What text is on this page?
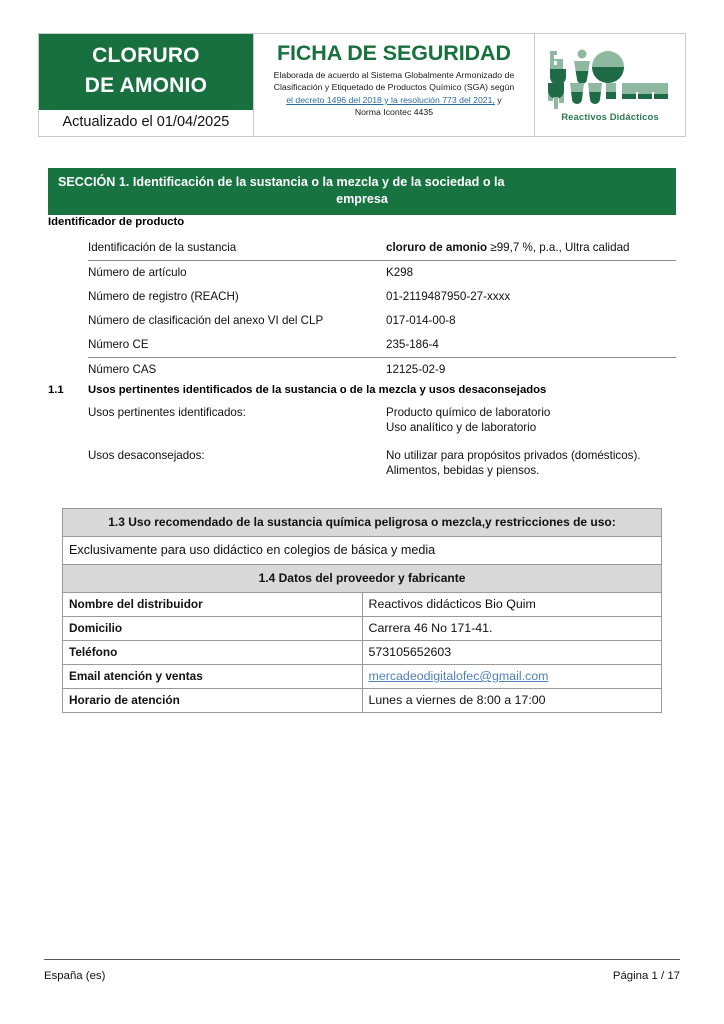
CLORURO
DE AMONIO
Actualizado el 01/04/2025
FICHA DE SEGURIDAD
Elaborada de acuerdo al Sistema Globalmente Armonizado de
Clasificación y Etiquetado de Productos Químico (SGA) según
el decreto 1496 del 2018 y la resolución 773 del 2021, y
Norma Icontec 4435	Reactivos Didácticos
SECCIÓN 1. Identificación de la sustancia o la mezcla y de la sociedad o la
empresa
Identificador de producto
Identificación de la sustancia	cloruro de amonio ≥99,7 %, p.a., Ultra calidad
Número de artículo	K298
Número de registro (REACH)	01-2119487950-27-xxxx
Número de clasificación del anexo VI del CLP	017-014-00-8
Número CE	235-186-4
Número CAS	12125-02-9
1.1 Usos pertinentes identificados de la sustancia o de la mezcla y usos desaconsejados
Usos pertinentes identificados:	Producto químico de laboratorio
Uso analítico y de laboratorio
Usos desaconsejados:	No utilizar para propósitos privados (domésticos).
Alimentos, bebidas y piensos.
1.3 Uso recomendado de la sustancia química peligrosa o mezcla,y restricciones de uso:	
Exclusivamente para uso didáctico en colegios de básica y media	
1.4 Datos del proveedor y fabricante	
Nombre del distribuidor	Reactivos didácticos Bio Quim
Domicilio	Carrera 46 No 171-41.
Teléfono	573105652603
Email atención y ventas	mercadeodigitalofec@gmail.com
Horario de atención	Lunes a viernes de 8:00 a 17:00
España (es)	Página 1 / 17
